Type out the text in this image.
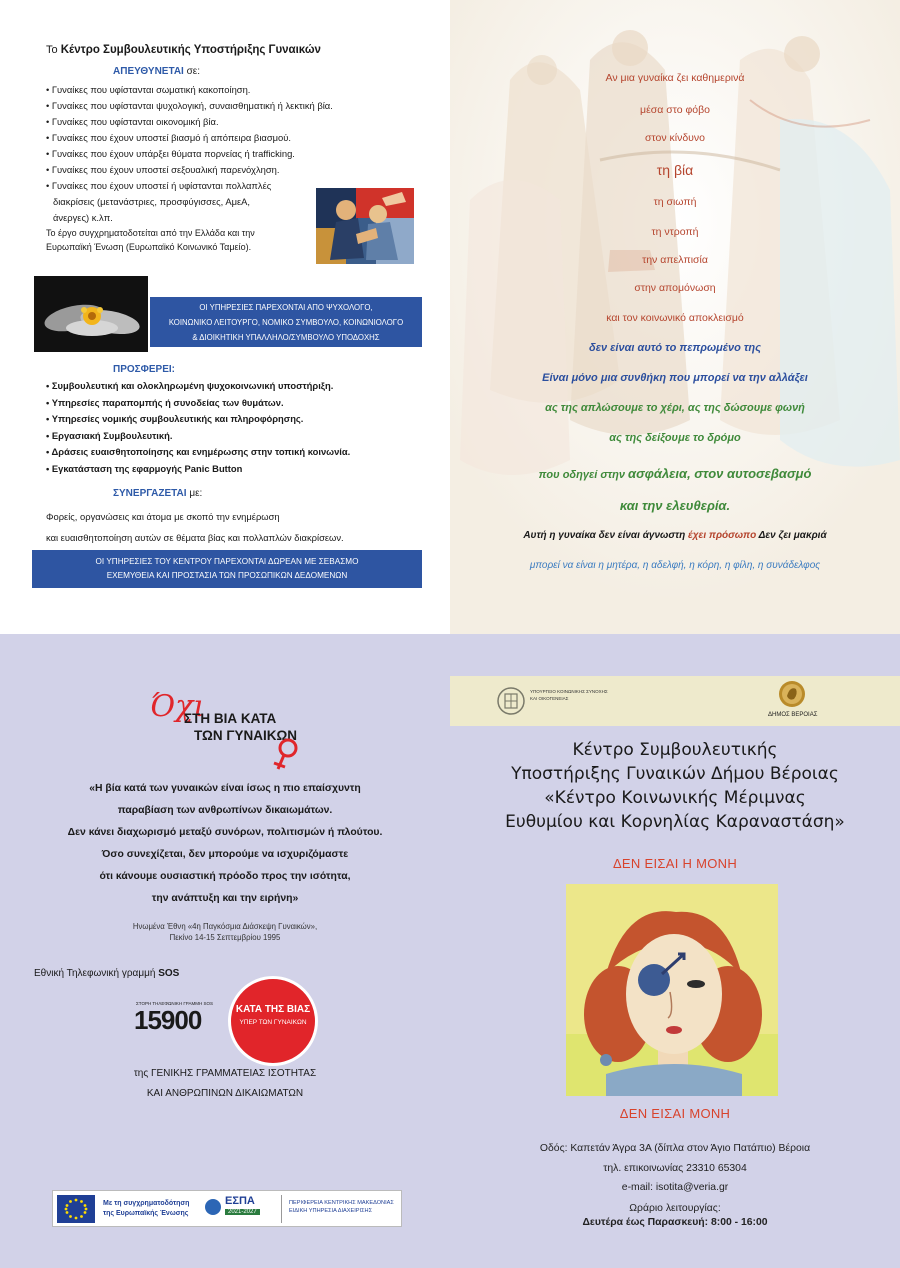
Το Κέντρο Συμβουλευτικής Υποστήριξης Γυναικών
ΑΠΕΥΘΥΝΕΤΑΙ σε:
• Γυναίκες που υφίστανται σωματική κακοποίηση.
• Γυναίκες που υφίστανται ψυχολογική, συναισθηματική ή λεκτική βία.
• Γυναίκες που υφίστανται οικονομική βία.
• Γυναίκες που έχουν υποστεί βιασμό ή απόπειρα βιασμού.
• Γυναίκες που έχουν υπάρξει θύματα πορνείας ή trafficking.
• Γυναίκες που έχουν υποστεί σεξουαλική παρενόχληση.
• Γυναίκες που έχουν υποστεί ή υφίστανται πολλαπλές
διακρίσεις (μετανάστριες, προσφύγισσες, ΑμεΑ,
άνεργες) κ.λπ.
Το έργο συγχρηματοδοτείται από την Ελλάδα και την
Ευρωπαϊκή Ένωση (Ευρωπαϊκό Κοινωνικό Ταμείο).
ΟΙ ΥΠΗΡΕΣΙΕΣ ΠΑΡΕΧΟΝΤΑΙ ΑΠΟ ΨΥΧΟΛΟΓΟ,
ΚΟΙΝΩΝΙΚΟ ΛΕΙΤΟΥΡΓΟ, ΝΟΜΙΚΟ ΣΥΜΒΟΥΛΟ, ΚΟΙΝΩΝΙΟΛΟΓΟ
& ΔΙΟΙΚΗΤΙΚΗ ΥΠΑΛΛΗΛΟ/ΣΥΜΒΟΥΛΟ ΥΠΟΔΟΧΗΣ
ΠΡΟΣΦΕΡΕΙ:
• Συμβουλευτική και ολοκληρωμένη ψυχοκοινωνική υποστήριξη.
• Υπηρεσίες παραπομπής ή συνοδείας των θυμάτων.
• Υπηρεσίες νομικής συμβουλευτικής και πληροφόρησης.
• Εργασιακή Συμβουλευτική.
• Δράσεις ευαισθητοποίησης και ενημέρωσης στην τοπική κοινωνία.
• Εγκατάσταση της εφαρμογής Panic Button
ΣΥΝΕΡΓΑΖΕΤΑΙ με:
Φορείς, οργανώσεις και άτομα με σκοπό την ενημέρωση
και ευαισθητοποίηση αυτών σε θέματα βίας και πολλαπλών διακρίσεων.
ΟΙ ΥΠΗΡΕΣΙΕΣ ΤΟΥ ΚΕΝΤΡΟΥ ΠΑΡΕΧΟΝΤΑΙ ΔΩΡΕΑΝ ΜΕ ΣΕΒΑΣΜΟ
ΕΧΕΜΥΘΕΙΑ ΚΑΙ ΠΡΟΣΤΑΣΙΑ ΤΩΝ ΠΡΟΣΩΠΙΚΩΝ ΔΕΔΟΜΕΝΩΝ
Αν μια γυναίκα ζει καθημερινά
μέσα στο φόβο
στον κίνδυνο
τη βία
τη σιωπή
τη ντροπή
την απελπισία
στην απομόνωση
και τον κοινωνικό αποκλεισμό
δεν είναι αυτό το πεπρωμένο της
Είναι μόνο μια συνθήκη που μπορεί να την αλλάξει
ας της απλώσουμε το χέρι, ας της δώσουμε φωνή
ας της δείξουμε το δρόμο
που οδηγεί στην ασφάλεια, στον αυτοσεβασμό
και την ελευθερία.
Αυτή η γυναίκα δεν είναι άγνωστη έχει πρόσωπο Δεν ζει μακριά
μπορεί να είναι η μητέρα, η αδελφή, η κόρη, η φίλη, η συνάδελφος
Όχι
ΣΤΗ ΒΙΑ ΚΑΤΑ
ΤΩΝ ΓΥΝΑΙΚΩΝ
«Η βία κατά των γυναικών είναι ίσως η πιο επαίσχυντη
παραβίαση των ανθρωπίνων δικαιωμάτων.
Δεν κάνει διαχωρισμό μεταξύ συνόρων, πολιτισμών ή πλούτου.
Όσο συνεχίζεται, δεν μπορούμε να ισχυριζόμαστε
ότι κάνουμε ουσιαστική πρόοδο προς την ισότητα,
την ανάπτυξη και την ειρήνη»
Ηνωμένα Έθνη «4η Παγκόσμια Διάσκεψη Γυναικών»,
Πεκίνο 14-15 Σεπτεμβρίου 1995
Εθνική Τηλεφωνική γραμμή SOS
ΣΤΟΡΗ ΤΗΛΕΦΩΝΙΚΗ ΓΡΑΜΜΗ SOS
15900	ΚΑΤΑ ΤΗΣ ΒΙΑΣ
ΥΠΕΡ ΤΩΝ ΓΥΝΑΙΚΩΝ
της ΓΕΝΙΚΗΣ ΓΡΑΜΜΑΤΕΙΑΣ ΙΣΟΤΗΤΑΣ
ΚΑΙ ΑΝΘΡΩΠΙΝΩΝ ΔΙΚΑΙΩΜΑΤΩΝ
Με τη συγχρηματοδότηση
της Ευρωπαϊκής Ένωσης
ΕΣΠΑ
2021-2027
ΠΕΡΙΦΕΡΕΙΑ ΚΕΝΤΡΙΚΗΣ ΜΑΚΕΔΟΝΙΑΣ
ΕΙΔΙΚΗ ΥΠΗΡΕΣΙΑ ΔΙΑΧΕΙΡΙΣΗΣ
ΥΠΟΥΡΓΕΙΟ ΚΟΙΝΩΝΙΚΗΣ ΣΥΝΟΧΗΣ
ΚΑΙ ΟΙΚΟΓΕΝΕΙΑΣ
ΔΗΜΟΣ ΒΕΡΟΙΑΣ
Κέντρο Συμβουλευτικής
Υποστήριξης Γυναικών Δήμου Βέροιας
«Κέντρο Κοινωνικής Μέριμνας
Ευθυμίου και Κορνηλίας Καραναστάση»
ΔΕΝ ΕΙΣΑΙ Η ΜΟΝΗ
ΔΕΝ ΕΙΣΑΙ ΜΟΝΗ
Οδός: Καπετάν Άγρα 3Α (δίπλα στον Άγιο Πατάπιο) Βέροια
τηλ. επικοινωνίας 23310 65304
e-mail: isotita@veria.gr
Ωράριο λειτουργίας:
Δευτέρα έως Παρασκευή: 8:00 - 16:00
